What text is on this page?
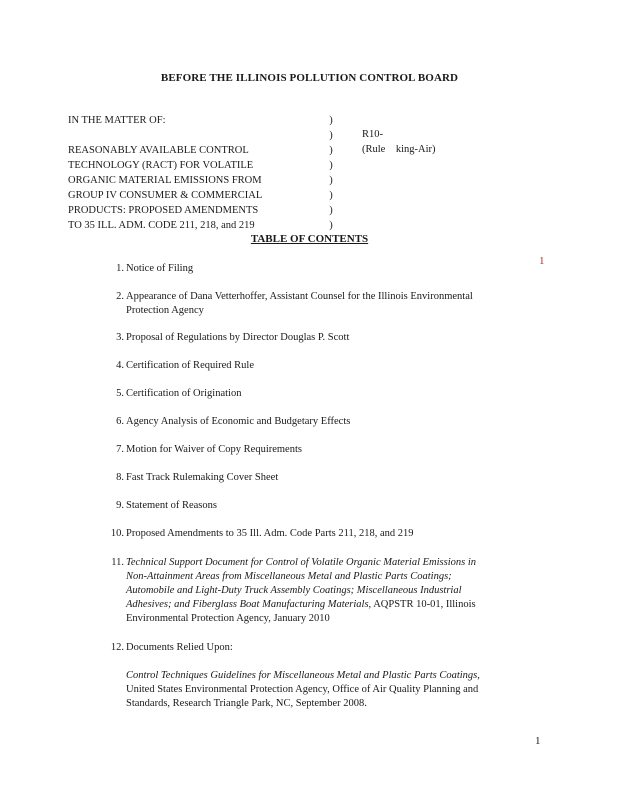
BEFORE THE ILLINOIS POLLUTION CONTROL BOARD
IN THE MATTER OF:
REASONABLY AVAILABLE CONTROL
TECHNOLOGY (RACT) FOR VOLATILE
ORGANIC MATERIAL EMISSIONS FROM
GROUP IV CONSUMER & COMMERCIAL
PRODUCTS: PROPOSED AMENDMENTS
TO 35 ILL. ADM. CODE 211, 218, and 219
)
)
)
)
)
)
)
)
R10-
(Rule    king-Air)
TABLE OF CONTENTS
1
1. Notice of Filing
2. Appearance of Dana Vetterhoffer, Assistant Counsel for the Illinois Environmental
Protection Agency
3. Proposal of Regulations by Director Douglas P. Scott
4. Certification of Required Rule
5. Certification of Origination
6. Agency Analysis of Economic and Budgetary Effects
7. Motion for Waiver of Copy Requirements
8. Fast Track Rulemaking Cover Sheet
9. Statement of Reasons
10. Proposed Amendments to 35 Ill. Adm. Code Parts 211, 218, and 219
11. Technical Support Document for Control of Volatile Organic Material Emissions in
Non-Attainment Areas from Miscellaneous Metal and Plastic Parts Coatings;
Automobile and Light-Duty Truck Assembly Coatings; Miscellaneous Industrial
Adhesives; and Fiberglass Boat Manufacturing Materials, AQPSTR 10-01, Illinois
Environmental Protection Agency, January 2010
12. Documents Relied Upon:
Control Techniques Guidelines for Miscellaneous Metal and Plastic Parts Coatings,
United States Environmental Protection Agency, Office of Air Quality Planning and
Standards, Research Triangle Park, NC, September 2008.
1
